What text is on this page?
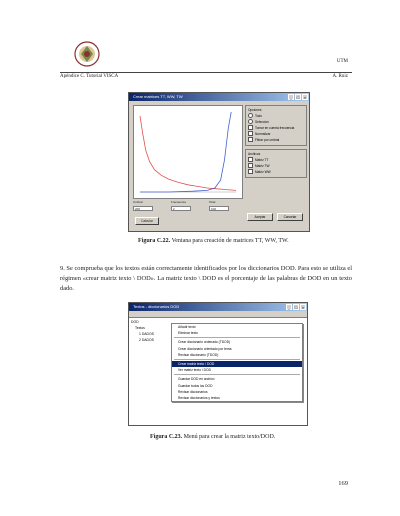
UTM
Apéndice C. Tutorial VISCA	A. Ruiz
Crear matrices TT, WW, TW	_	□	×
Umbral
200
Frecuencia
2
Total
100
Calcular
Opciones
Todo
Seleccion
Tomar en cuenta frecuencia
Normalizar
Filtrar por umbral
Archivos
Matriz TT
Matriz TW
Matriz WW
Aceptar	Cancelar
Figura C.22. Ventana para creación de matrices TT, WW, TW.
9. Se comprueba que los textos están correctamente identificados por los diccionarios DOD. Para esto se utiliza el régimen «crear matriz texto \ DOD». La matriz texto \ DOD es el porcentaje de las palabras de DOD en un texto dado.
Textos - diccionarios DOD	_	□	×
DOD
Textos
1 DADOS
2 DADOS
Añadir texto
Eliminar texto
Crear diccionario ordenado (TDOD)
Crear diccionario orientado por tema
Revisar diccionario (TDOD)
Crear matriz texto \ DOD
Ver matriz texto \ DOD
Guardar DOD en archivo
Guardar todos los DOD
Revisar diccionarios
Revisar diccionarios y textos
Figura C.23. Menú para crear la matriz texto/DOD.
169
